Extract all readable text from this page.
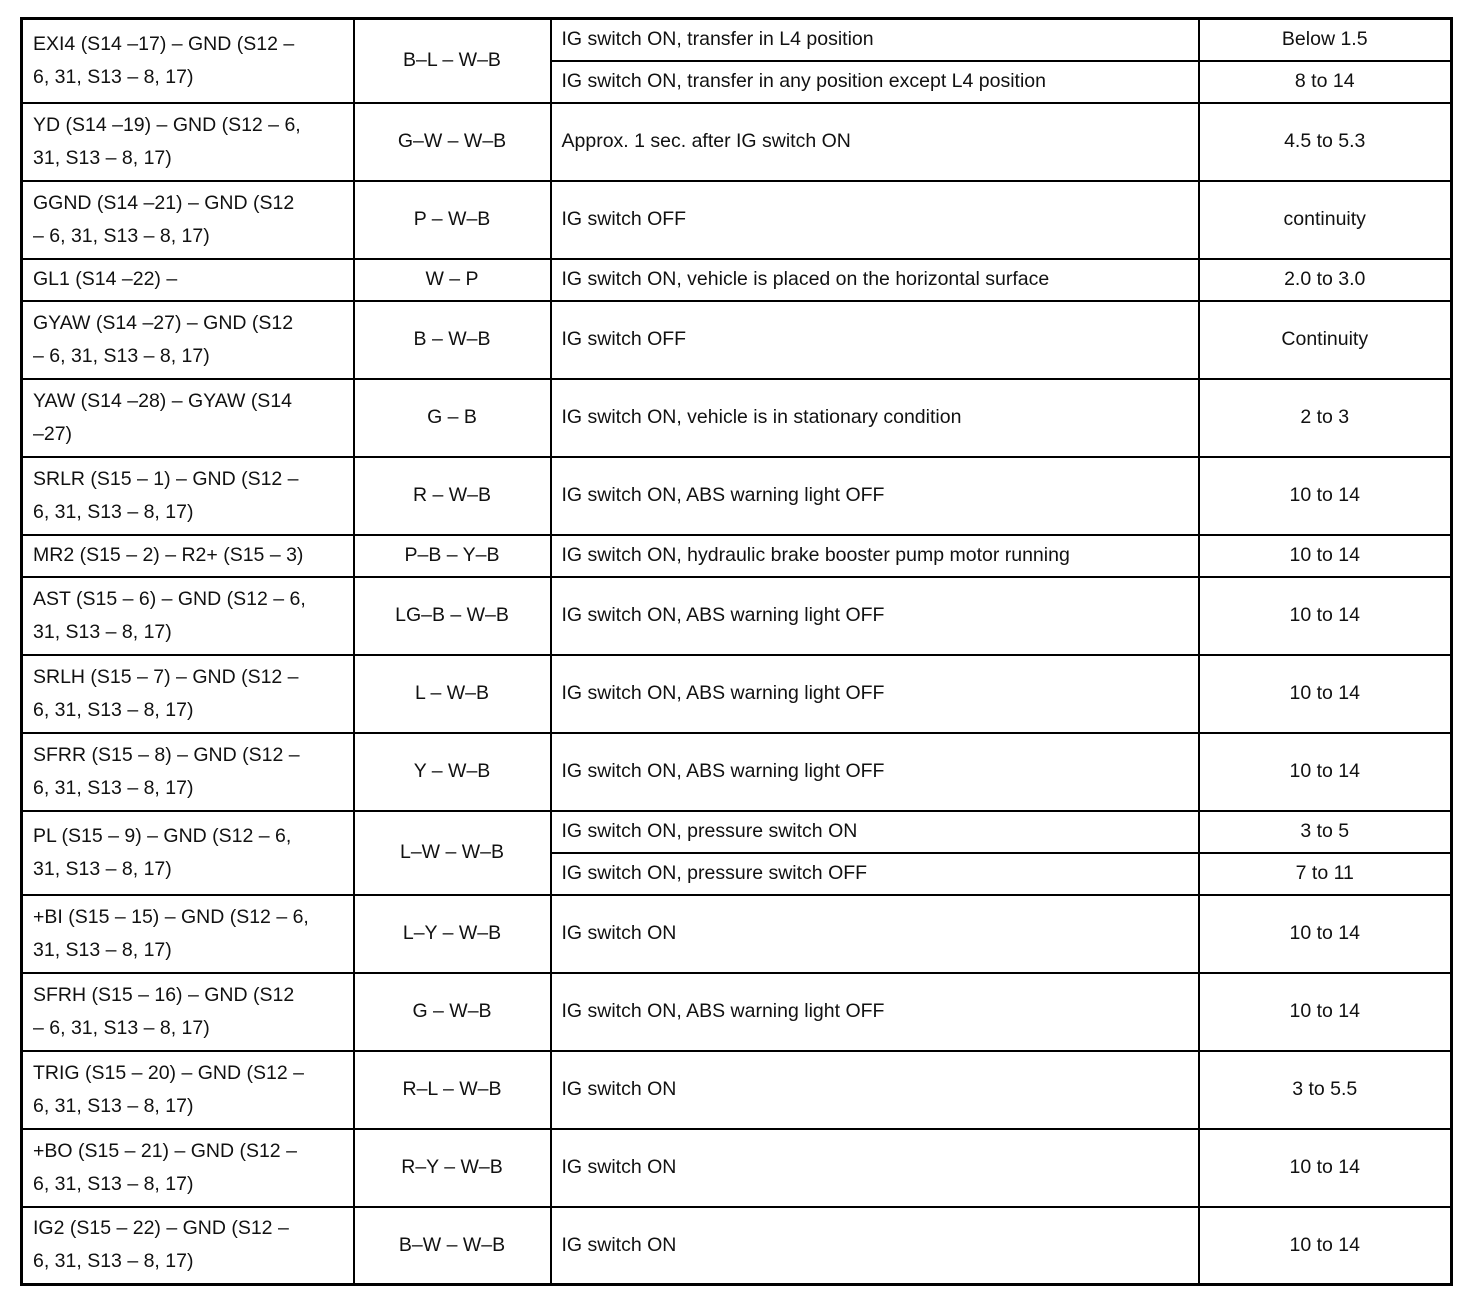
EXI4 (S14 –17) – GND (S12 –
6, 31, S13 – 8, 17)	B–L – W–B	IG switch ON, transfer in L4 position	Below 1.5
		IG switch ON, transfer in any position except L4 position	8 to 14
YD (S14 –19) – GND (S12 – 6,
31, S13 – 8, 17)	G–W – W–B	Approx. 1 sec. after IG switch ON	4.5 to 5.3
GGND (S14 –21) – GND (S12
– 6, 31, S13 – 8, 17)	P – W–B	IG switch OFF	continuity
GL1 (S14 –22) –	W – P	IG switch ON, vehicle is placed on the horizontal surface	2.0 to 3.0
GYAW (S14 –27) – GND (S12
– 6, 31, S13 – 8, 17)	B – W–B	IG switch OFF	Continuity
YAW (S14 –28) – GYAW (S14
–27)	G – B	IG switch ON, vehicle is in stationary condition	2 to 3
SRLR (S15 – 1) – GND (S12 –
6, 31, S13 – 8, 17)	R – W–B	IG switch ON, ABS warning light OFF	10 to 14
MR2 (S15 – 2) – R2+ (S15 – 3)	P–B – Y–B	IG switch ON, hydraulic brake booster pump motor running	10 to 14
AST (S15 – 6) – GND (S12 – 6,
31, S13 – 8, 17)	LG–B – W–B	IG switch ON, ABS warning light OFF	10 to 14
SRLH (S15 – 7) – GND (S12 –
6, 31, S13 – 8, 17)	L – W–B	IG switch ON, ABS warning light OFF	10 to 14
SFRR (S15 – 8) – GND (S12 –
6, 31, S13 – 8, 17)	Y – W–B	IG switch ON, ABS warning light OFF	10 to 14
PL (S15 – 9) – GND (S12 – 6,
31, S13 – 8, 17)	L–W – W–B	IG switch ON, pressure switch ON	3 to 5
		IG switch ON, pressure switch OFF	7 to 11
+BI (S15 – 15) – GND (S12 – 6,
31, S13 – 8, 17)	L–Y – W–B	IG switch ON	10 to 14
SFRH (S15 – 16) – GND (S12
– 6, 31, S13 – 8, 17)	G – W–B	IG switch ON, ABS warning light OFF	10 to 14
TRIG (S15 – 20) – GND (S12 –
6, 31, S13 – 8, 17)	R–L – W–B	IG switch ON	3 to 5.5
+BO (S15 – 21) – GND (S12 –
6, 31, S13 – 8, 17)	R–Y – W–B	IG switch ON	10 to 14
IG2 (S15 – 22) – GND (S12 –
6, 31, S13 – 8, 17)	B–W – W–B	IG switch ON	10 to 14
